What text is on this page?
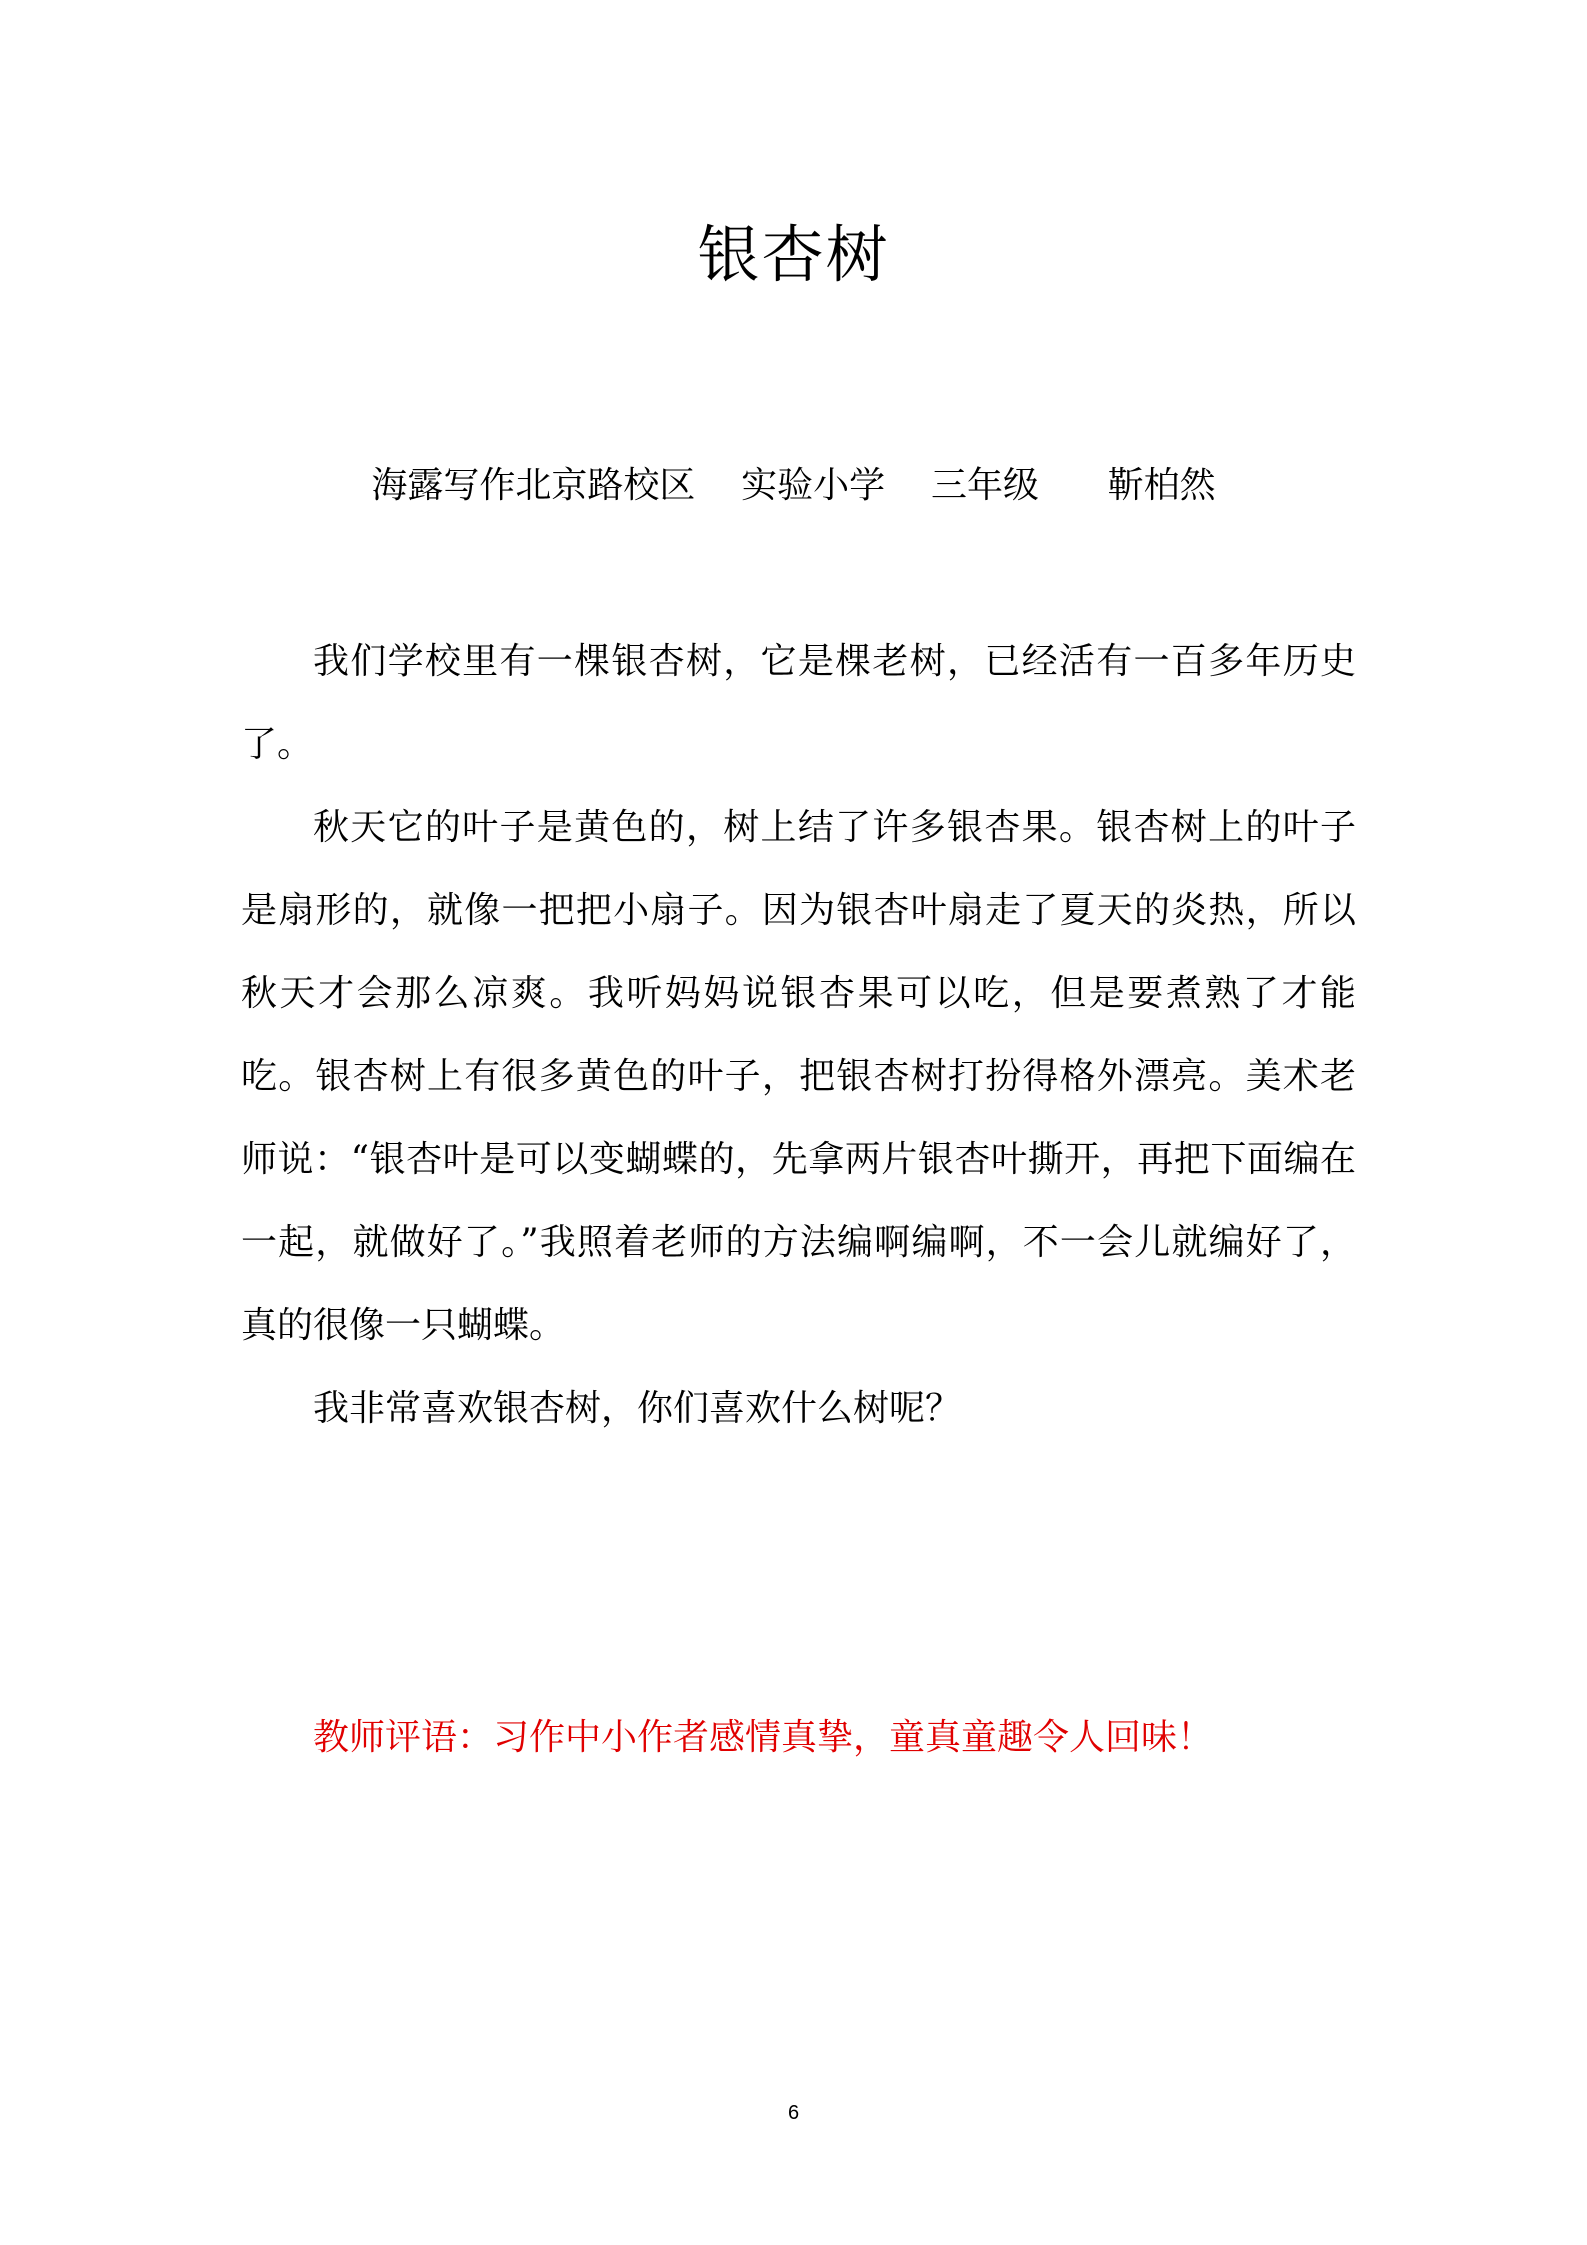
银杏树
海露写作北京路校区    实验小学    三年级      靳柏然

我们学校里有一棵银杏树，它是棵老树，已经活有一百多年历史了。

秋天它的叶子是黄色的，树上结了许多银杏果。银杏树上的叶子是扇形的，就像一把把小扇子。因为银杏叶扇走了夏天的炎热，所以秋天才会那么凉爽。我听妈妈说银杏果可以吃，但是要煮熟了才能吃。银杏树上有很多黄色的叶子，把银杏树打扮得格外漂亮。美术老师说：“银杏叶是可以变蝴蝶的，先拿两片银杏叶撕开，再把下面编在一起，就做好了。”我照着老师的方法编啊编啊，不一会儿就编好了，真的很像一只蝴蝶。

我非常喜欢银杏树，你们喜欢什么树呢？

教师评语：习作中小作者感情真挚，童真童趣令人回味！
6
